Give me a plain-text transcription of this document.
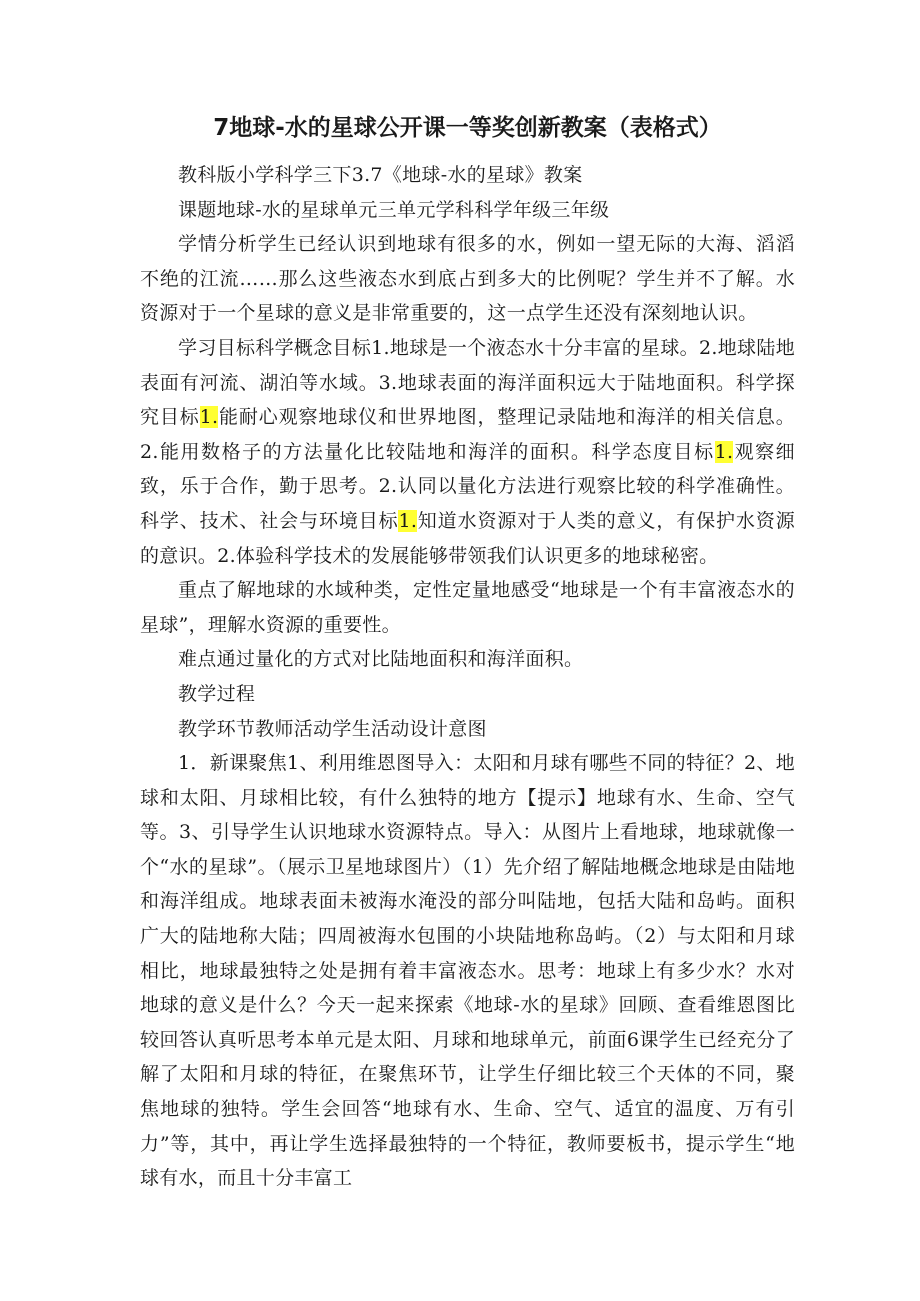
7地球-水的星球公开课一等奖创新教案（表格式）

教科版小学科学三下3.7《地球-水的星球》教案

课题地球-水的星球单元三单元学科科学年级三年级

学情分析学生已经认识到地球有很多的水，例如一望无际的大海、滔滔不绝的江流……那么这些液态水到底占到多大的比例呢？学生并不了解。水资源对于一个星球的意义是非常重要的，这一点学生还没有深刻地认识。

学习目标科学概念目标1.地球是一个液态水十分丰富的星球。2.地球陆地表面有河流、湖泊等水域。3.地球表面的海洋面积远大于陆地面积。科学探究目标1.能耐心观察地球仪和世界地图，整理记录陆地和海洋的相关信息。2.能用数格子的方法量化比较陆地和海洋的面积。科学态度目标1.观察细致，乐于合作，勤于思考。2.认同以量化方法进行观察比较的科学准确性。科学、技术、社会与环境目标1.知道水资源对于人类的意义，有保护水资源的意识。2.体验科学技术的发展能够带领我们认识更多的地球秘密。

重点了解地球的水域种类，定性定量地感受“地球是一个有丰富液态水的星球”，理解水资源的重要性。

难点通过量化的方式对比陆地面积和海洋面积。

教学过程

教学环节教师活动学生活动设计意图

1．新课聚焦1、利用维恩图导入：太阳和月球有哪些不同的特征？2、地球和太阳、月球相比较，有什么独特的地方【提示】地球有水、生命、空气等。3、引导学生认识地球水资源特点。导入：从图片上看地球，地球就像一个“水的星球”。（展示卫星地球图片）（1）先介绍了解陆地概念地球是由陆地和海洋组成。地球表面未被海水淹没的部分叫陆地，包括大陆和岛屿。面积广大的陆地称大陆；四周被海水包围的小块陆地称岛屿。（2）与太阳和月球相比，地球最独特之处是拥有着丰富液态水。思考：地球上有多少水？水对地球的意义是什么？今天一起来探索《地球-水的星球》回顾、查看维恩图比较回答认真听思考本单元是太阳、月球和地球单元，前面6课学生已经充分了解了太阳和月球的特征，在聚焦环节，让学生仔细比较三个天体的不同，聚焦地球的独特。学生会回答“地球有水、生命、空气、适宜的温度、万有引力”等，其中，再让学生选择最独特的一个特征，教师要板书，提示学生“地球有水，而且十分丰富工
